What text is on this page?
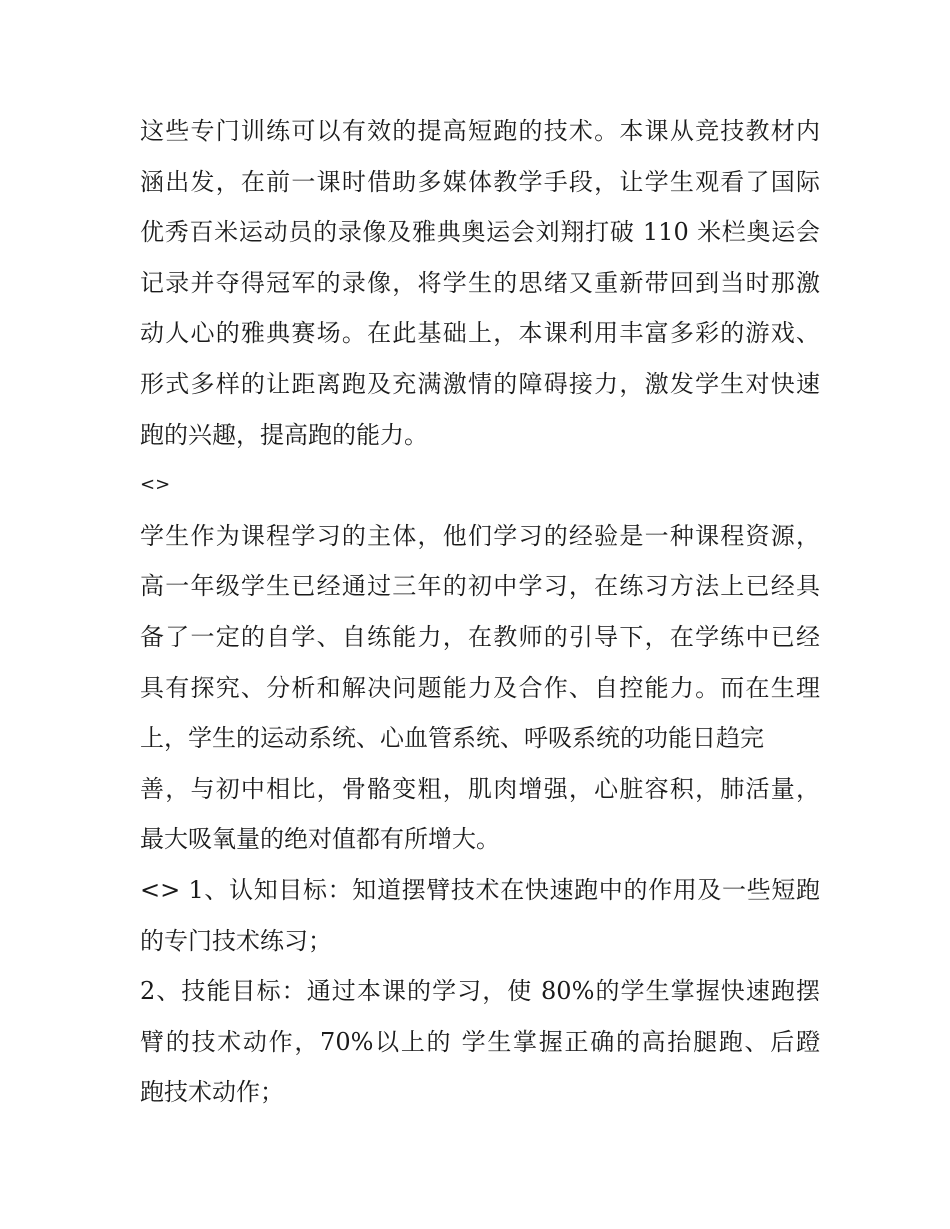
这些专门训练可以有效的提高短跑的技术。本课从竞技教材内
涵出发，在前一课时借助多媒体教学手段，让学生观看了国际
优秀百米运动员的录像及雅典奥运会刘翔打破 110 米栏奥运会
记录并夺得冠军的录像，将学生的思绪又重新带回到当时那激
动人心的雅典赛场。在此基础上，本课利用丰富多彩的游戏、
形式多样的让距离跑及充满激情的障碍接力，激发学生对快速
跑的兴趣，提高跑的能力。
<>
学生作为课程学习的主体，他们学习的经验是一种课程资源，
高一年级学生已经通过三年的初中学习，在练习方法上已经具
备了一定的自学、自练能力，在教师的引导下，在学练中已经
具有探究、分析和解决问题能力及合作、自控能力。而在生理
上，学生的运动系统、心血管系统、呼吸系统的功能日趋完
善，与初中相比，骨骼变粗，肌肉增强，心脏容积，肺活量，
最大吸氧量的绝对值都有所增大。
<> 1、认知目标：知道摆臂技术在快速跑中的作用及一些短跑
的专门技术练习；
2、技能目标：通过本课的学习，使 80%的学生掌握快速跑摆
臂的技术动作，70%以上的 学生掌握正确的高抬腿跑、后蹬
跑技术动作；
